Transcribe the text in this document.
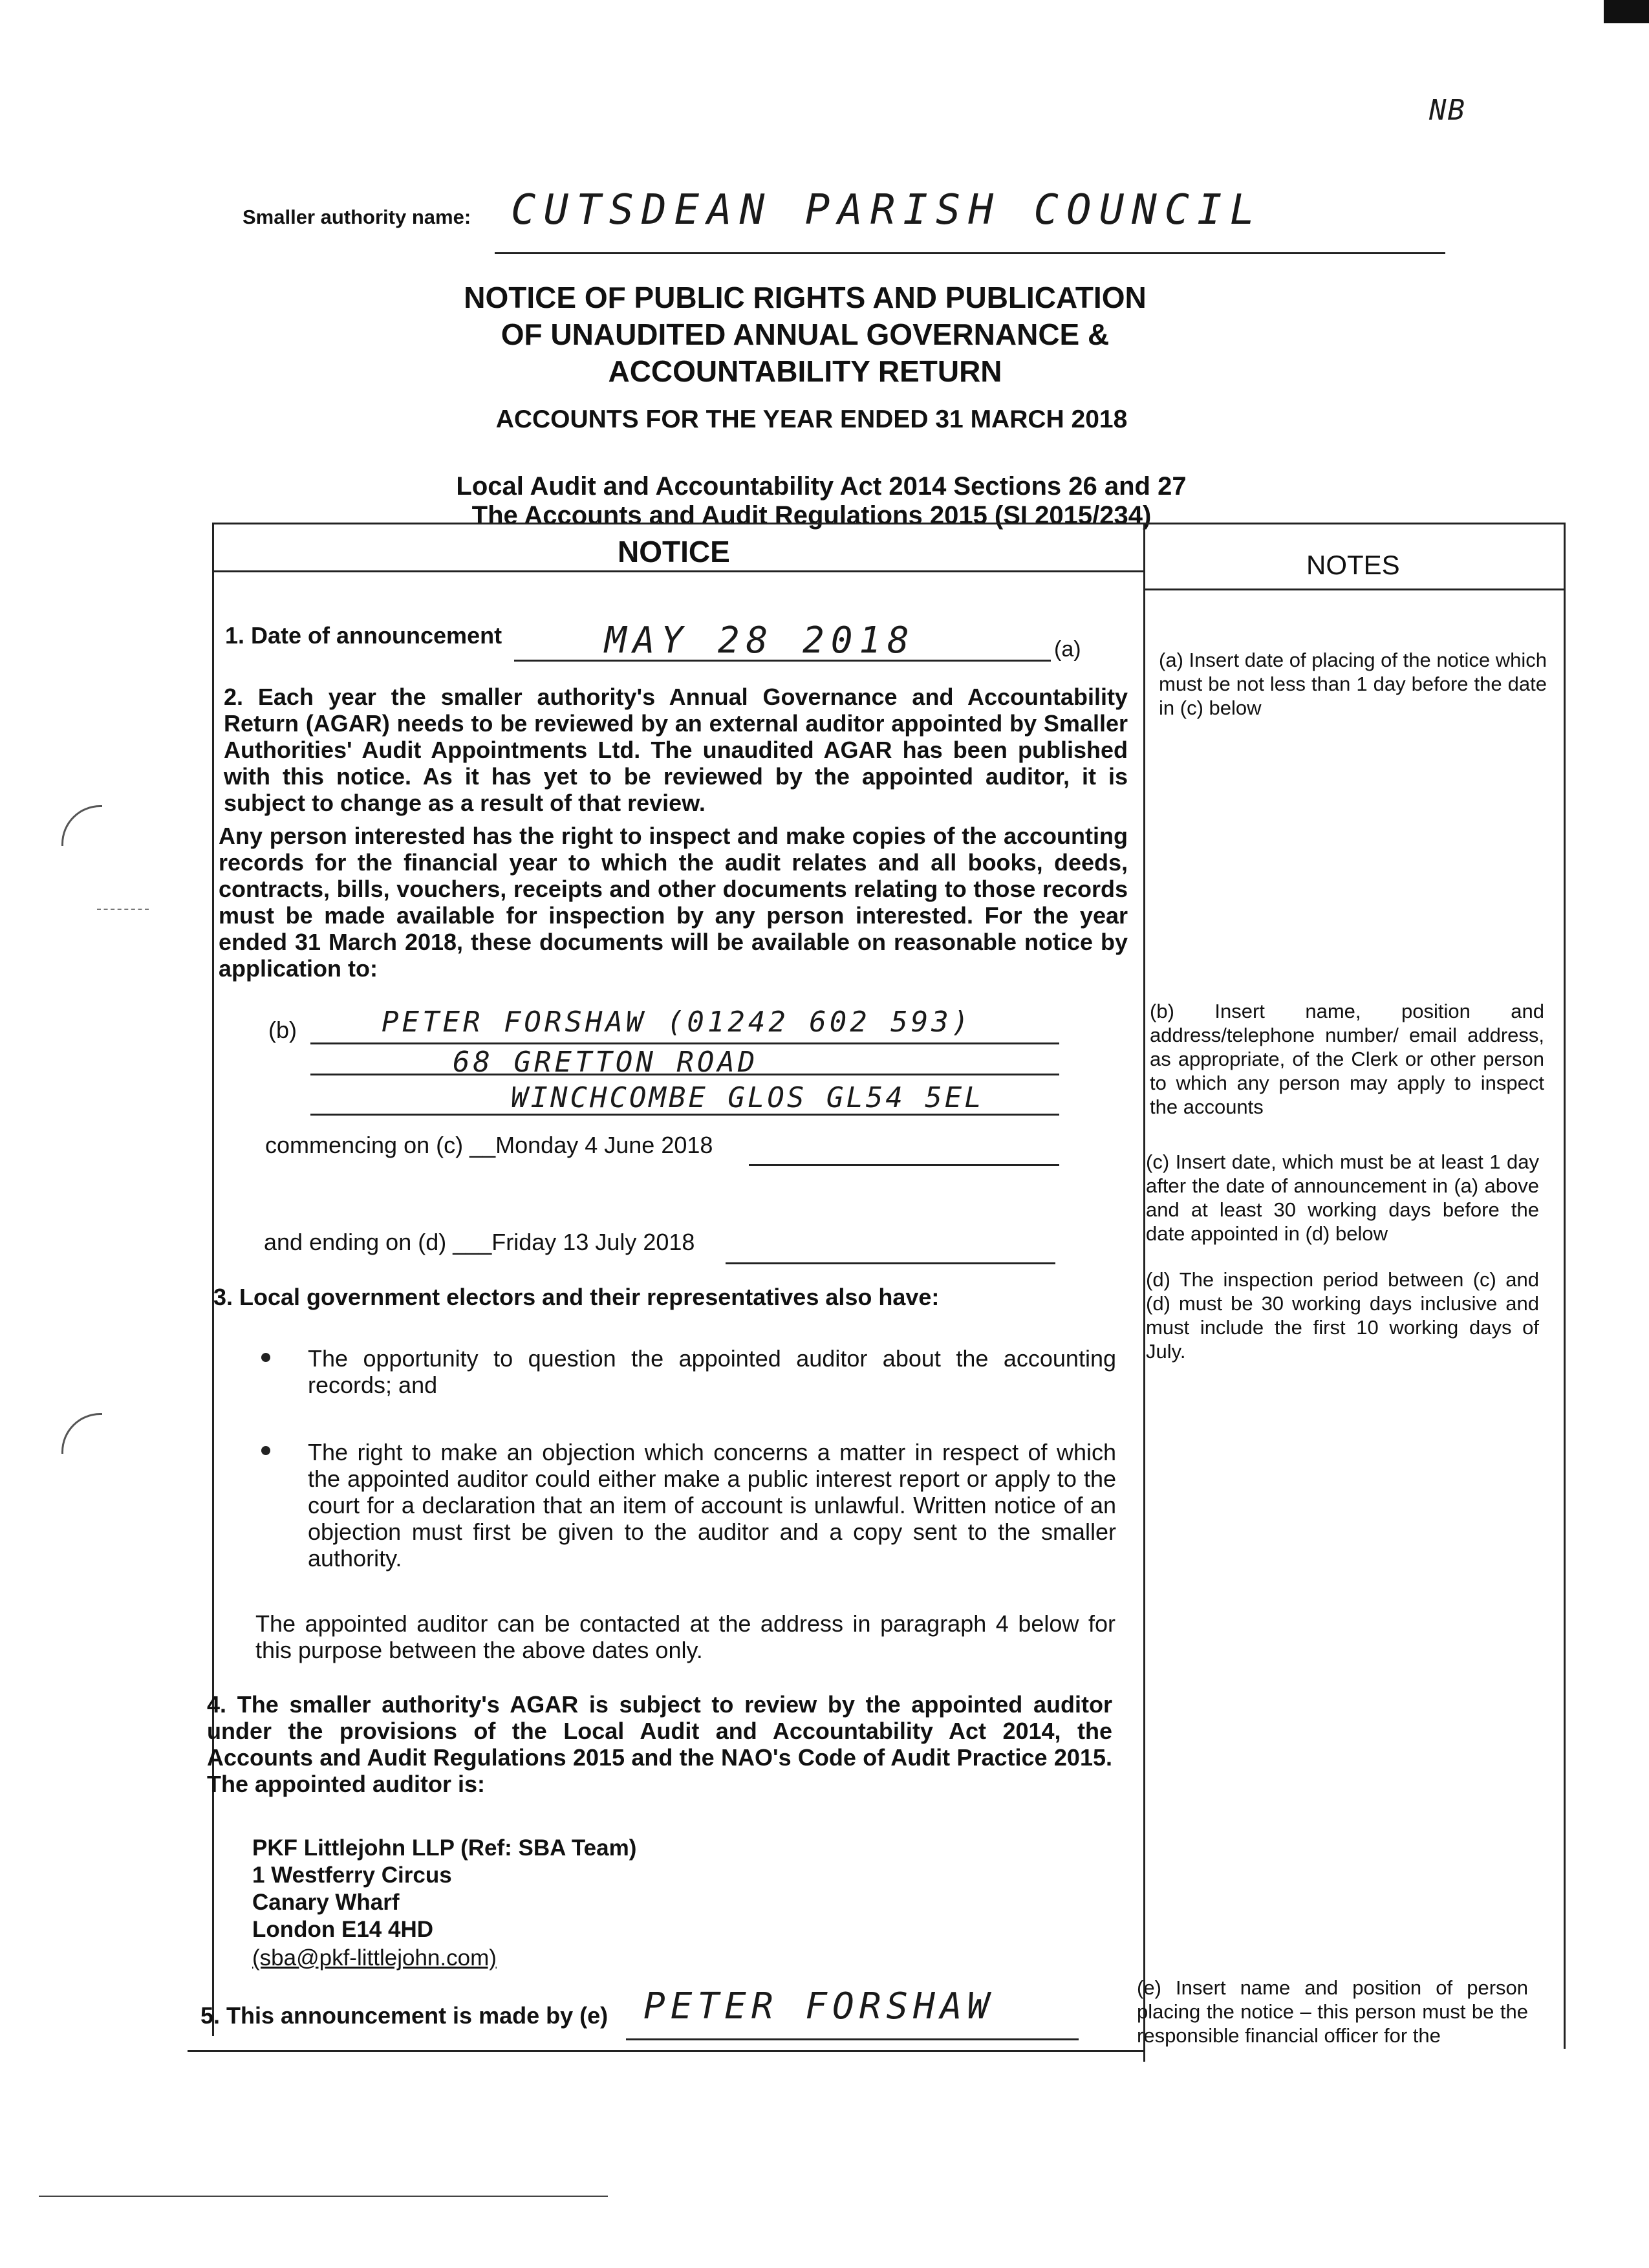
NB
Smaller authority name: CUTSDEAN PARISH COUNCIL
NOTICE OF PUBLIC RIGHTS AND PUBLICATION
OF UNAUDITED ANNUAL GOVERNANCE &
ACCOUNTABILITY RETURN
ACCOUNTS FOR THE YEAR ENDED 31 MARCH 2018
Local Audit and Accountability Act 2014 Sections 26 and 27
The Accounts and Audit Regulations 2015 (SI 2015/234)
NOTICE	NOTES
1. Date of announcement	MAY 28 2018	(a)
2. Each year the smaller authority's Annual Governance and Accountability Return (AGAR) needs to be reviewed by an external auditor appointed by Smaller Authorities' Audit Appointments Ltd. The unaudited AGAR has been published with this notice. As it has yet to be reviewed by the appointed auditor, it is subject to change as a result of that review.
Any person interested has the right to inspect and make copies of the accounting records for the financial year to which the audit relates and all books, deeds, contracts, bills, vouchers, receipts and other documents relating to those records must be made available for inspection by any person interested. For the year ended 31 March 2018, these documents will be available on reasonable notice by application to:
(b)	PETER FORSHAW (01242 602 593)
68 GRETTON ROAD
WINCHCOMBE GLOS GL54 5EL
commencing on (c) __Monday 4 June 2018
and ending on (d) ___Friday 13 July 2018
3. Local government electors and their representatives also have:
The opportunity to question the appointed auditor about the accounting records; and
The right to make an objection which concerns a matter in respect of which the appointed auditor could either make a public interest report or apply to the court for a declaration that an item of account is unlawful. Written notice of an objection must first be given to the auditor and a copy sent to the smaller authority.
The appointed auditor can be contacted at the address in paragraph 4 below for this purpose between the above dates only.
4. The smaller authority's AGAR is subject to review by the appointed auditor under the provisions of the Local Audit and Accountability Act 2014, the Accounts and Audit Regulations 2015 and the NAO's Code of Audit Practice 2015. The appointed auditor is:
PKF Littlejohn LLP (Ref: SBA Team)
1 Westferry Circus
Canary Wharf
London E14 4HD
(sba@pkf-littlejohn.com)
5. This announcement is made by (e) PETER FORSHAW
(a) Insert date of placing of the notice which must be not less than 1 day before the date in (c) below
(b) Insert name, position and address/telephone number/ email address, as appropriate, of the Clerk or other person to which any person may apply to inspect the accounts
(c) Insert date, which must be at least 1 day after the date of announcement in (a) above and at least 30 working days before the date appointed in (d) below
(d) The inspection period between (c) and (d) must be 30 working days inclusive and must include the first 10 working days of July.
(e) Insert name and position of person placing the notice – this person must be the responsible financial officer for the
